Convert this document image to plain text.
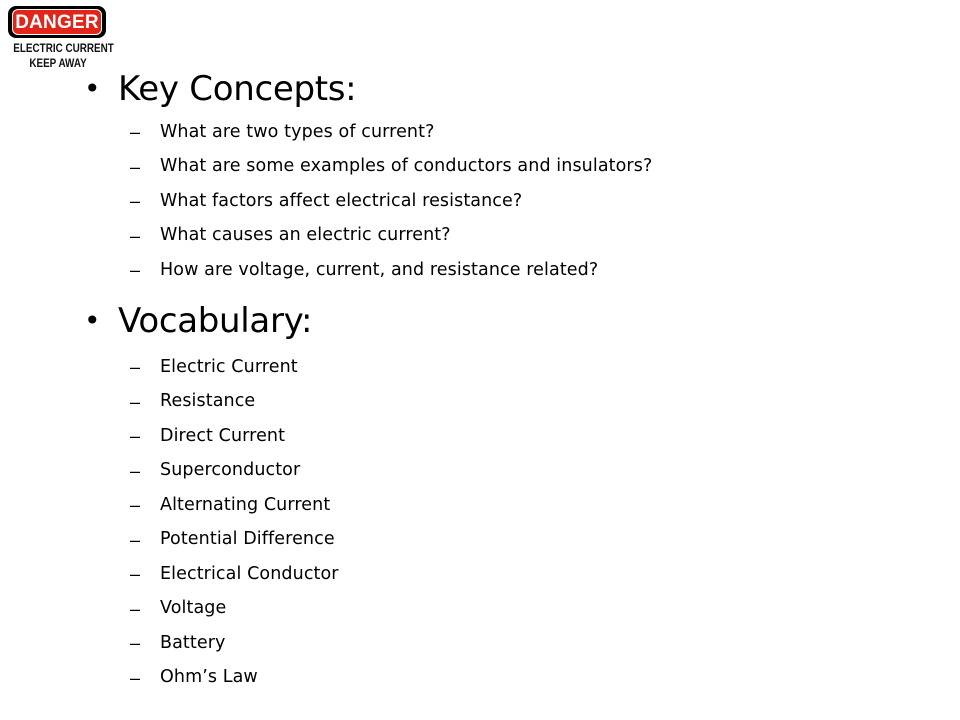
DANGER
ELECTRIC CURRENT
KEEP AWAY
• Key Concepts:
–	What are two types of current?
–	What are some examples of conductors and insulators?
–	What factors affect electrical resistance?
–	What causes an electric current?
–	How are voltage, current, and resistance related?
• Vocabulary:
–	Electric Current
–	Resistance
–	Direct Current
–	Superconductor
–	Alternating Current
–	Potential Difference
–	Electrical Conductor
–	Voltage
–	Battery
–	Ohm’s Law
